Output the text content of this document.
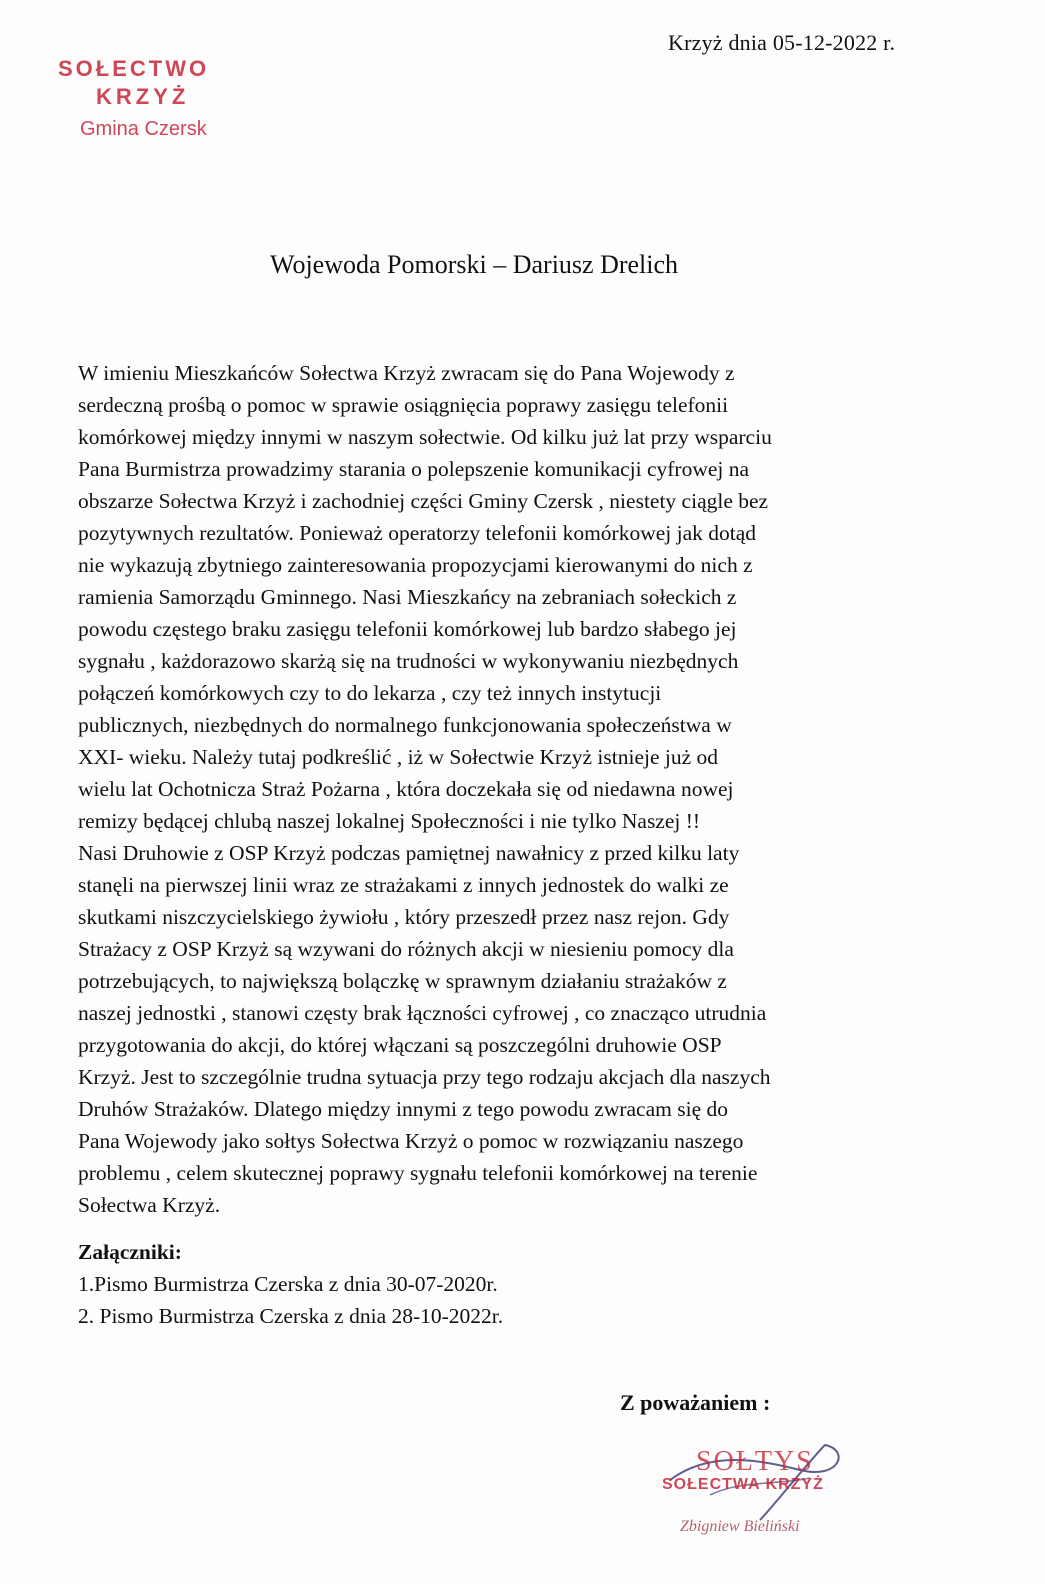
Krzyż dnia 05-12-2022 r.
SOŁECTWO
KRZYŻ
Gmina Czersk
Wojewoda Pomorski – Dariusz Drelich
W imieniu Mieszkańców Sołectwa Krzyż zwracam się do Pana Wojewody z
serdeczną prośbą o pomoc w sprawie osiągnięcia poprawy zasięgu telefonii
komórkowej między innymi w naszym sołectwie. Od kilku już lat przy wsparciu
Pana Burmistrza prowadzimy starania o polepszenie komunikacji cyfrowej na
obszarze Sołectwa Krzyż i zachodniej części Gminy Czersk , niestety ciągle bez
pozytywnych rezultatów. Ponieważ operatorzy telefonii komórkowej jak dotąd
nie wykazują zbytniego zainteresowania propozycjami kierowanymi do nich z
ramienia Samorządu Gminnego. Nasi Mieszkańcy na zebraniach sołeckich z
powodu częstego braku zasięgu telefonii komórkowej lub bardzo słabego jej
sygnału , każdorazowo skarżą się na trudności w wykonywaniu niezbędnych
połączeń komórkowych czy to do lekarza , czy też innych instytucji
publicznych, niezbędnych do normalnego funkcjonowania społeczeństwa w
XXI- wieku. Należy tutaj podkreślić , iż w Sołectwie Krzyż istnieje już od
wielu lat Ochotnicza Straż Pożarna , która doczekała się od niedawna nowej
remizy będącej chlubą naszej lokalnej Społeczności i nie tylko Naszej !!
Nasi Druhowie z OSP Krzyż podczas pamiętnej nawałnicy z przed kilku laty
stanęli na pierwszej linii wraz ze strażakami z innych jednostek do walki ze
skutkami niszczycielskiego żywiołu , który przeszedł przez nasz rejon. Gdy
Strażacy z OSP Krzyż są wzywani do różnych akcji w niesieniu pomocy dla
potrzebujących, to największą bolączkę w sprawnym działaniu strażaków z
naszej jednostki , stanowi częsty brak łączności cyfrowej , co znacząco utrudnia
przygotowania do akcji, do której włączani są poszczególni druhowie OSP
Krzyż. Jest to szczególnie trudna sytuacja przy tego rodzaju akcjach dla naszych
Druhów Strażaków. Dlatego między innymi z tego powodu zwracam się do
Pana Wojewody jako sołtys Sołectwa Krzyż o pomoc w rozwiązaniu naszego
problemu , celem skutecznej poprawy sygnału telefonii komórkowej na terenie
Sołectwa Krzyż.
Załączniki:
1.Pismo Burmistrza Czerska z dnia 30-07-2020r.
2. Pismo Burmistrza Czerska z dnia 28-10-2022r.
Z poważaniem :
SOŁTYS
SOŁECTWA KRZYŻ
Zbigniew Bieliński
